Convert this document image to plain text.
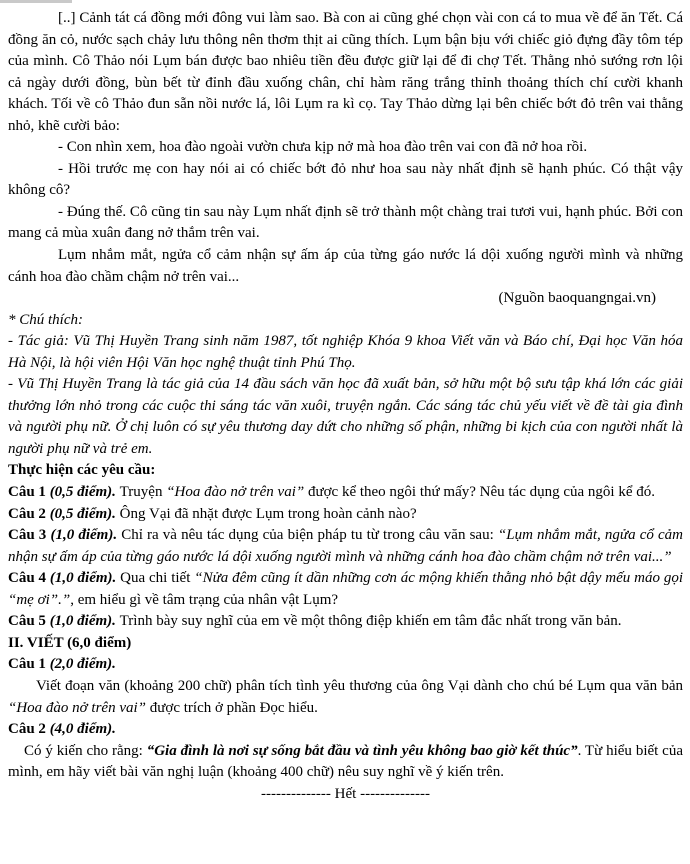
[..] Cảnh tát cá đồng mới đông vui làm sao. Bà con ai cũng ghé chọn vài con cá to mua về để ăn Tết. Cá đồng ăn cỏ, nước sạch chảy lưu thông nên thơm thịt ai cũng thích. Lụm bận bịu với chiếc giỏ đựng đầy tôm tép của mình. Cô Thảo nói Lụm bán được bao nhiêu tiền đều được giữ lại để đi chợ Tết. Thằng nhỏ sướng rơn lội cả ngày dưới đồng, bùn bết từ đỉnh đầu xuống chân, chỉ hàm răng trắng thỉnh thoảng thích chí cười khanh khách. Tối về cô Thảo đun sẵn nồi nước lá, lôi Lụm ra kì cọ. Tay Thảo dừng lại bên chiếc bớt đỏ trên vai thằng nhỏ, khẽ cười bảo:

- Con nhìn xem, hoa đào ngoài vườn chưa kịp nở mà hoa đào trên vai con đã nở hoa rồi.

- Hồi trước mẹ con hay nói ai có chiếc bớt đỏ như hoa sau này nhất định sẽ hạnh phúc. Có thật vậy không cô?

- Đúng thế. Cô cũng tin sau này Lụm nhất định sẽ trở thành một chàng trai tươi vui, hạnh phúc. Bởi con mang cả mùa xuân đang nở thắm trên vai.

Lụm nhắm mắt, ngửa cổ cảm nhận sự ấm áp của từng gáo nước lá dội xuống người mình và những cánh hoa đào chầm chậm nở trên vai...

(Nguồn baoquangngai.vn)

* Chú thích:

- Tác giả: Vũ Thị Huyền Trang sinh năm 1987, tốt nghiệp Khóa 9 khoa Viết văn và Báo chí, Đại học Văn hóa Hà Nội, là hội viên Hội Văn học nghệ thuật tỉnh Phú Thọ.

- Vũ Thị Huyền Trang là tác giả của 14 đầu sách văn học đã xuất bản, sở hữu một bộ sưu tập khá lớn các giải thưởng lớn nhỏ trong các cuộc thi sáng tác văn xuôi, truyện ngắn. Các sáng tác chủ yếu viết về đề tài gia đình và người phụ nữ. Ở chị luôn có sự yêu thương day dứt cho những số phận, những bi kịch của con người nhất là người phụ nữ và trẻ em.

Thực hiện các yêu cầu:

Câu 1 (0,5 điểm). Truyện “Hoa đào nở trên vai” được kể theo ngôi thứ mấy? Nêu tác dụng của ngôi kể đó.

Câu 2 (0,5 điểm). Ông Vại đã nhặt được Lụm trong hoàn cảnh nào?

Câu 3 (1,0 điểm). Chỉ ra và nêu tác dụng của biện pháp tu từ trong câu văn sau: “Lụm nhắm mắt, ngửa cổ cảm nhận sự ấm áp của từng gáo nước lá dội xuống người mình và những cánh hoa đào chầm chậm nở trên vai...”

Câu 4 (1,0 điểm). Qua chi tiết “Nửa đêm cũng ít dần những cơn ác mộng khiến thằng nhỏ bật dậy mếu máo gọi “mẹ ơi”.”, em hiểu gì về tâm trạng của nhân vật Lụm?

Câu 5 (1,0 điểm). Trình bày suy nghĩ của em về một thông điệp khiến em tâm đắc nhất trong văn bản.

II. VIẾT (6,0 điểm)

Câu 1 (2,0 điểm).

Viết đoạn văn (khoảng 200 chữ) phân tích tình yêu thương của ông Vại dành cho chú bé Lụm qua văn bản “Hoa đào nở trên vai” được trích ở phần Đọc hiểu.

Câu 2 (4,0 điểm).

Có ý kiến cho rằng: “Gia đình là nơi sự sống bắt đầu và tình yêu không bao giờ kết thúc”. Từ hiểu biết của mình, em hãy viết bài văn nghị luận (khoảng 400 chữ) nêu suy nghĩ về ý kiến trên.

-------------- Hết --------------
